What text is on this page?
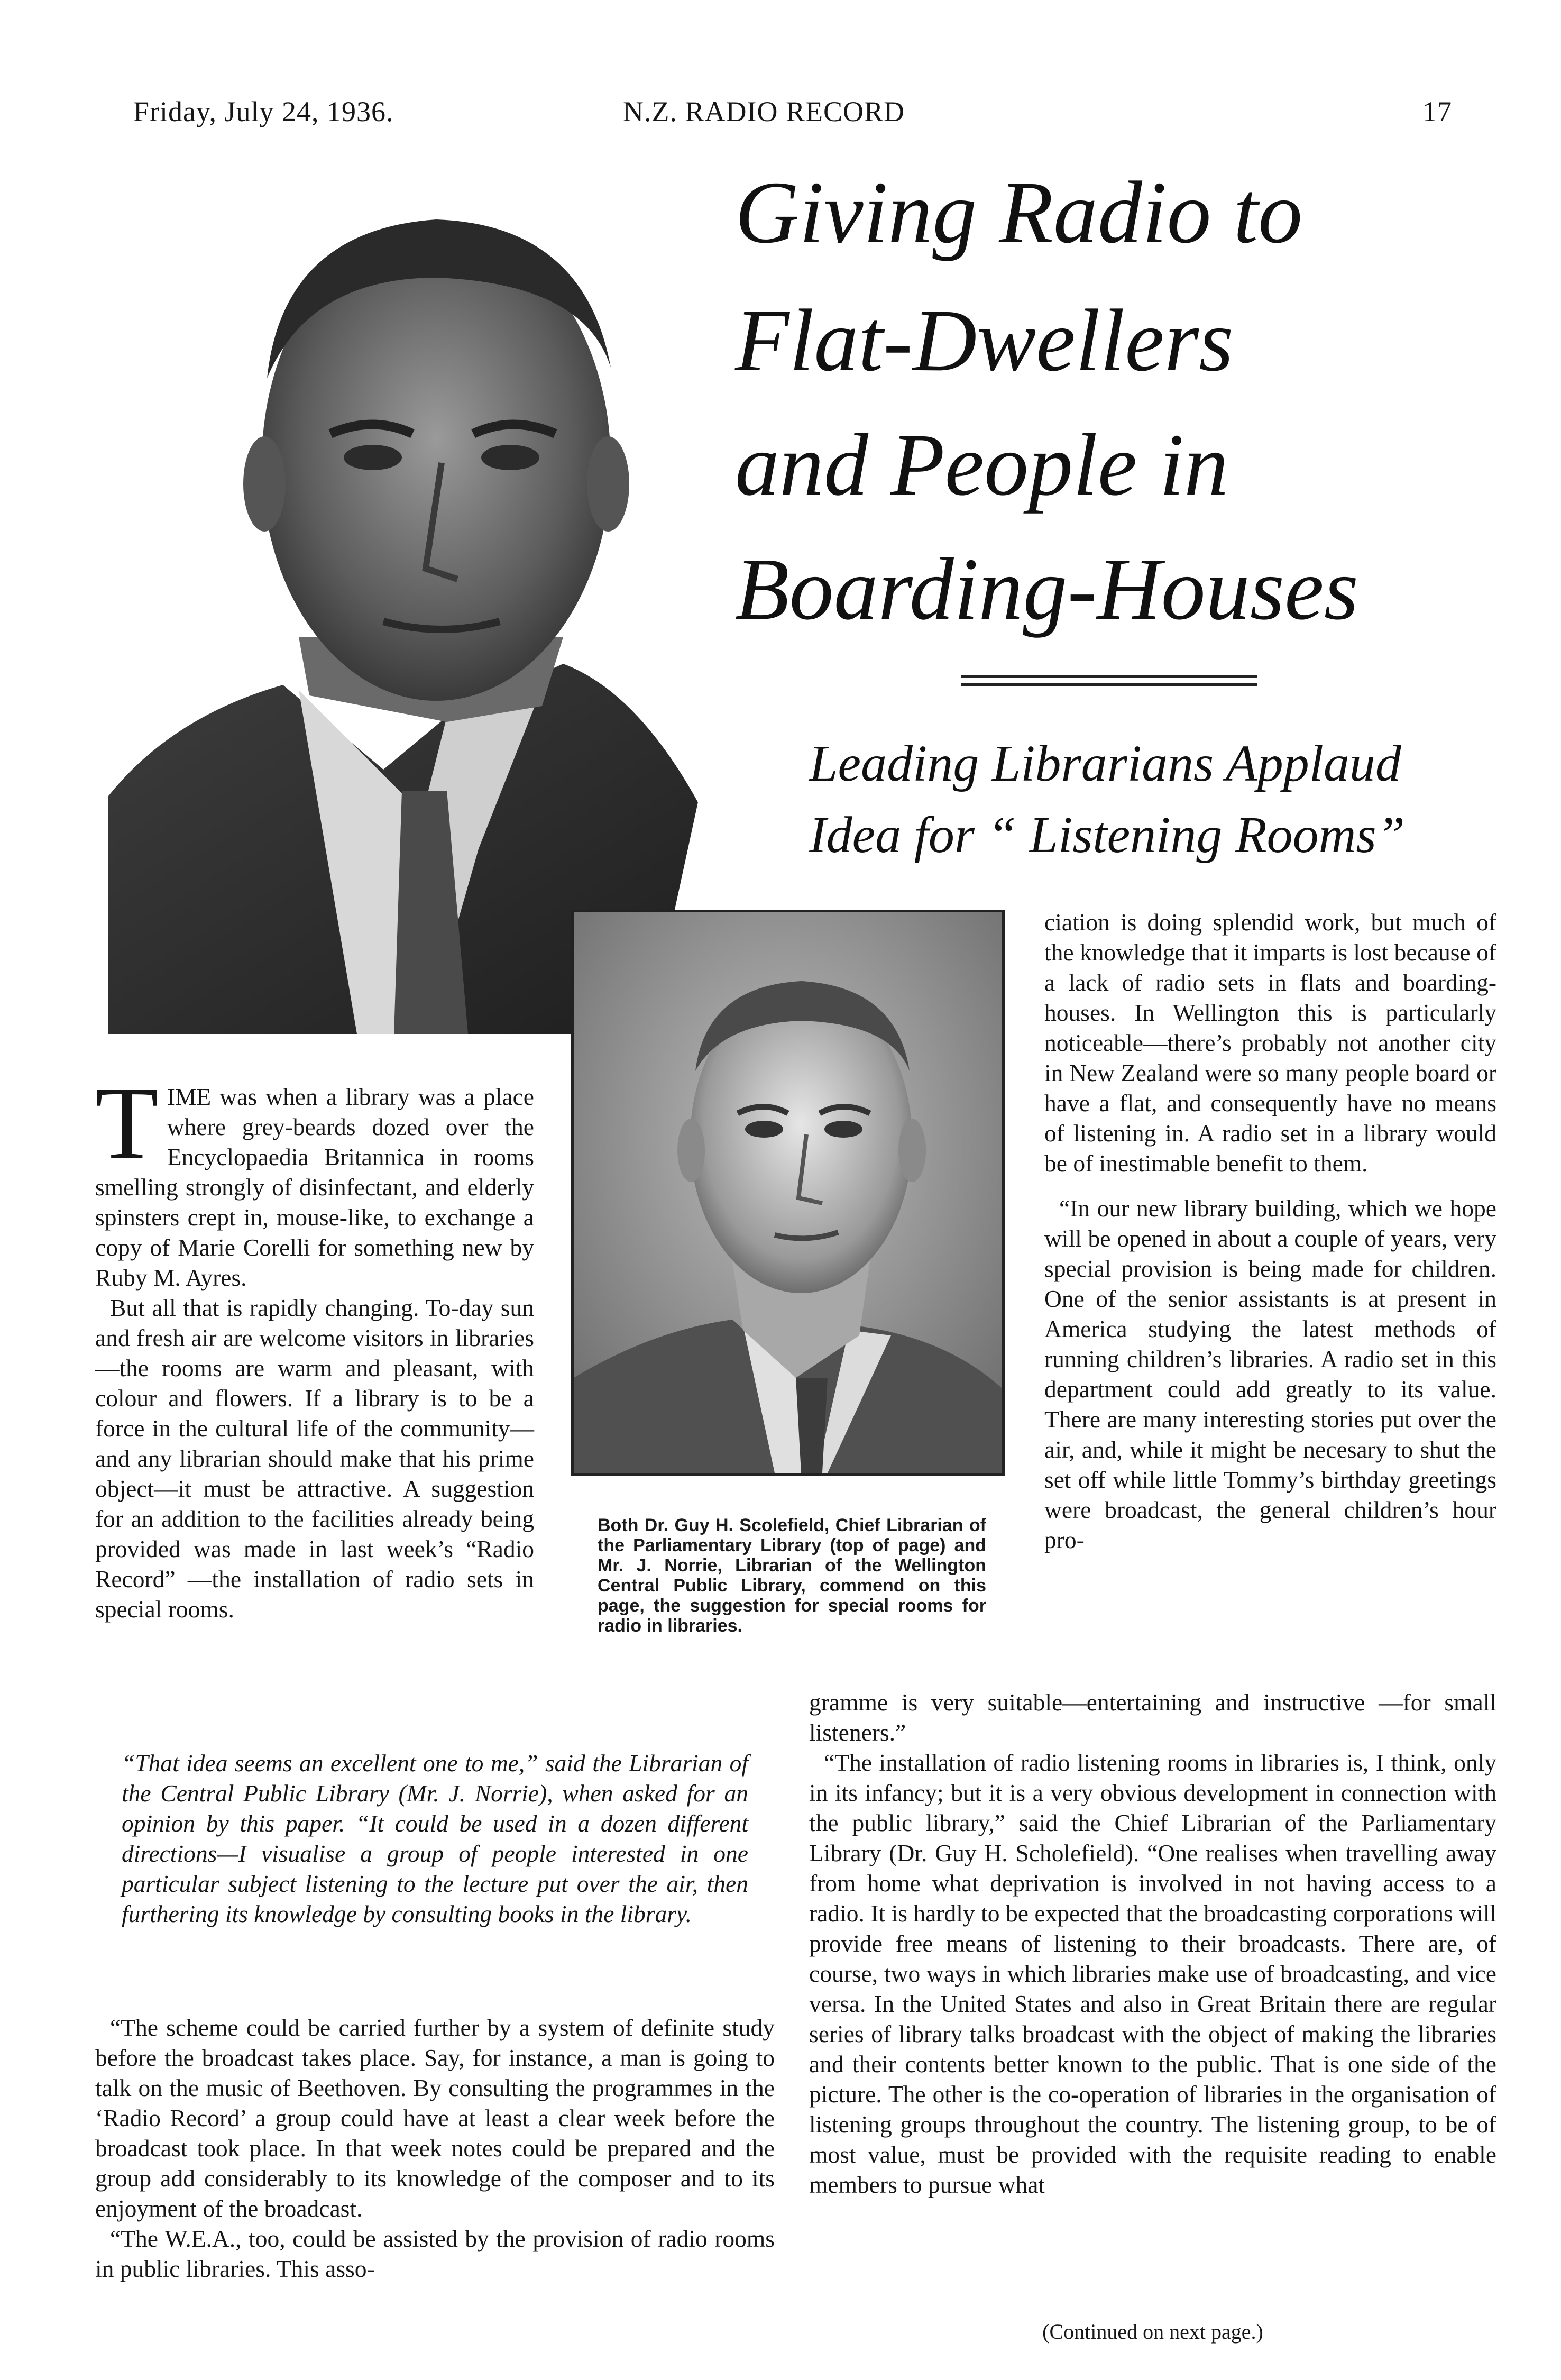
Friday, July 24, 1936.	N.Z. RADIO RECORD	17
Giving Radio to
Flat-Dwellers
and People in
Boarding-Houses
Leading Librarians Applaud
Idea for “ Listening Rooms”
Both Dr. Guy H. Scolefield, Chief Librarian of the Parliamentary Library (top of page) and Mr. J. Norrie, Librarian of the Wellington Central Public Library, commend on this page, the suggestion for special rooms for radio in libraries.

TIME was when a library was a place where grey-beards dozed over the Encyclopaedia Britannica in rooms smelling strongly of disinfectant, and elderly spinsters crept in, mouse-like, to exchange a copy of Marie Corelli for something new by Ruby M. Ayres.

But all that is rapidly changing. To-day sun and fresh air are welcome visitors in libraries—the rooms are warm and pleasant, with colour and flowers. If a library is to be a force in the cultural life of the community—and any librarian should make that his prime object—it must be attractive. A suggestion for an addition to the facilities already being provided was made in last week’s “Radio Record” —the installation of radio sets in special rooms.

“That idea seems an excellent one to me,” said the Librarian of the Central Public Library (Mr. J. Norrie), when asked for an opinion by this paper. “It could be used in a dozen different directions—I visualise a group of people interested in one particular subject listening to the lecture put over the air, then furthering its knowledge by consulting books in the library.

“The scheme could be carried further by a system of definite study before the broadcast takes place. Say, for instance, a man is going to talk on the music of Beethoven. By consulting the programmes in the ‘Radio Record’ a group could have at least a clear week before the broadcast took place. In that week notes could be prepared and the group add considerably to its knowledge of the composer and to its enjoyment of the broadcast.

“The W.E.A., too, could be assisted by the provision of radio rooms in public libraries. This asso-

ciation is doing splendid work, but much of the knowledge that it imparts is lost because of a lack of radio sets in flats and boarding-houses. In Wellington this is particularly noticeable—there’s probably not another city in New Zealand were so many people board or have a flat, and consequently have no means of listening in. A radio set in a library would be of inestimable benefit to them.

“In our new library building, which we hope will be opened in about a couple of years, very special provision is being made for children. One of the senior assistants is at present in America studying the latest methods of running children’s libraries. A radio set in this department could add greatly to its value. There are many interesting stories put over the air, and, while it might be necesary to shut the set off while little Tommy’s birthday greetings were broadcast, the general children’s hour pro-

gramme is very suitable—entertaining and instructive —for small listeners.”

“The installation of radio listening rooms in libraries is, I think, only in its infancy; but it is a very obvious development in connection with the public library,” said the Chief Librarian of the Parliamentary Library (Dr. Guy H. Scholefield). “One realises when travelling away from home what deprivation is involved in not having access to a radio. It is hardly to be expected that the broadcasting corporations will provide free means of listening to their broadcasts. There are, of course, two ways in which libraries make use of broadcasting, and vice versa. In the United States and also in Great Britain there are regular series of library talks broadcast with the object of making the libraries and their contents better known to the public. That is one side of the picture. The other is the co-operation of libraries in the organisation of listening groups throughout the country. The listening group, to be of most value, must be provided with the requisite reading to enable members to pursue what

(Continued on next page.)
